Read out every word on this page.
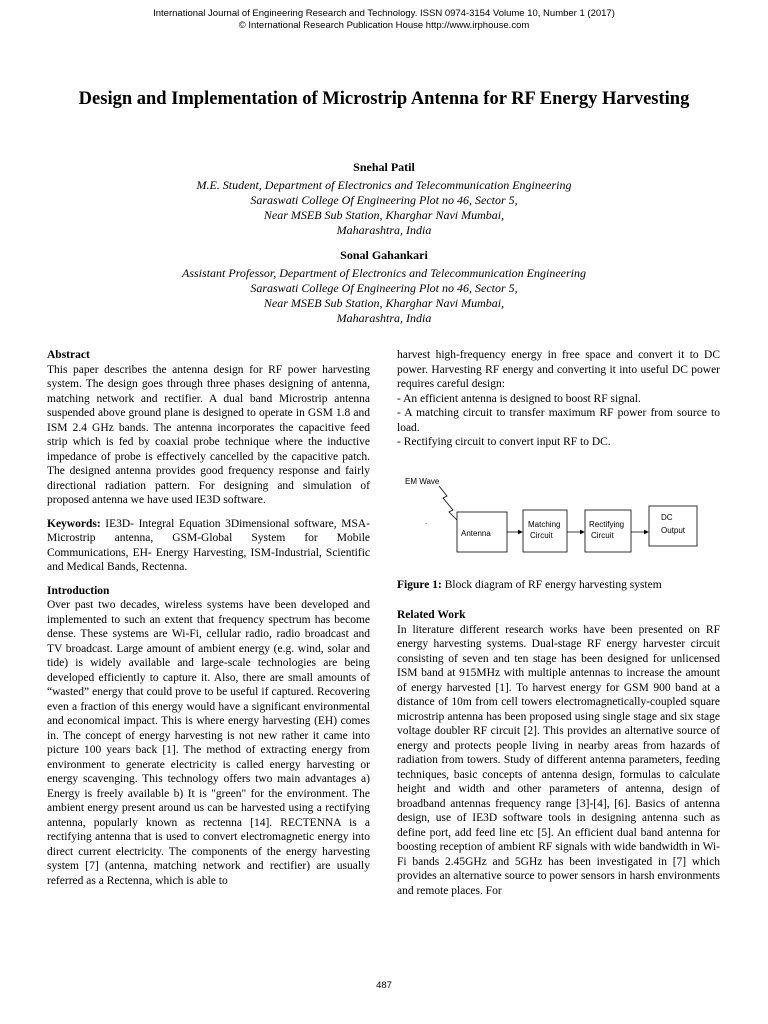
International Journal of Engineering Research and Technology. ISSN 0974-3154 Volume 10, Number 1 (2017)
© International Research Publication House http://www.irphouse.com
Design and Implementation of Microstrip Antenna for RF Energy Harvesting
Snehal Patil
M.E. Student, Department of Electronics and Telecommunication Engineering
Saraswati College Of Engineering Plot no 46, Sector 5,
Near MSEB Sub Station, Kharghar Navi Mumbai,
Maharashtra, India
Sonal Gahankari
Assistant Professor, Department of Electronics and Telecommunication Engineering
Saraswati College Of Engineering Plot no 46, Sector 5,
Near MSEB Sub Station, Kharghar Navi Mumbai,
Maharashtra, India
Abstract

This paper describes the antenna design for RF power harvesting system. The design goes through three phases designing of antenna, matching network and rectifier. A dual band Microstrip antenna suspended above ground plane is designed to operate in GSM 1.8 and ISM 2.4 GHz bands. The antenna incorporates the capacitive feed strip which is fed by coaxial probe technique where the inductive impedance of probe is effectively cancelled by the capacitive patch. The designed antenna provides good frequency response and fairly directional radiation pattern. For designing and simulation of proposed antenna we have used IE3D software.

Keywords: IE3D- Integral Equation 3Dimensional software, MSA- Microstrip antenna, GSM-Global System for Mobile Communications, EH- Energy Harvesting, ISM-Industrial, Scientific and Medical Bands, Rectenna.

Introduction

Over past two decades, wireless systems have been developed and implemented to such an extent that frequency spectrum has become dense. These systems are Wi-Fi, cellular radio, radio broadcast and TV broadcast. Large amount of ambient energy (e.g. wind, solar and tide) is widely available and large-scale technologies are being developed efficiently to capture it. Also, there are small amounts of “wasted” energy that could prove to be useful if captured. Recovering even a fraction of this energy would have a significant environmental and economical impact. This is where energy harvesting (EH) comes in. The concept of energy harvesting is not new rather it came into picture 100 years back [1]. The method of extracting energy from environment to generate electricity is called energy harvesting or energy scavenging. This technology offers two main advantages a) Energy is freely available b) It is "green" for the environment. The ambient energy present around us can be harvested using a rectifying antenna, popularly known as rectenna [14]. RECTENNA is a rectifying antenna that is used to convert electromagnetic energy into direct current electricity. The components of the energy harvesting system [7] (antenna, matching network and rectifier) are usually referred as a Rectenna, which is able to

harvest high-frequency energy in free space and convert it to DC power. Harvesting RF energy and converting it into useful DC power requires careful design:
- An efficient antenna is designed to boost RF signal.
- A matching circuit to transfer maximum RF power from source to load.
- Rectifying circuit to convert input RF to DC.
EM Wave
Antenna
Matching
Circuit
Rectifying
Circuit
DC
Output
.

Figure 1: Block diagram of RF energy harvesting system

Related Work

In literature different research works have been presented on RF energy harvesting systems. Dual-stage RF energy harvester circuit consisting of seven and ten stage has been designed for unlicensed ISM band at 915MHz with multiple antennas to increase the amount of energy harvested [1]. To harvest energy for GSM 900 band at a distance of 10m from cell towers electromagnetically-coupled square microstrip antenna has been proposed using single stage and six stage voltage doubler RF circuit [2]. This provides an alternative source of energy and protects people living in nearby areas from hazards of radiation from towers. Study of different antenna parameters, feeding techniques, basic concepts of antenna design, formulas to calculate height and width and other parameters of antenna, design of broadband antennas frequency range [3]-[4], [6]. Basics of antenna design, use of IE3D software tools in designing antenna such as define port, add feed line etc [5]. An efficient dual band antenna for boosting reception of ambient RF signals with wide bandwidth in Wi-Fi bands 2.45GHz and 5GHz has been investigated in [7] which provides an alternative source to power sensors in harsh environments and remote places. For

487
